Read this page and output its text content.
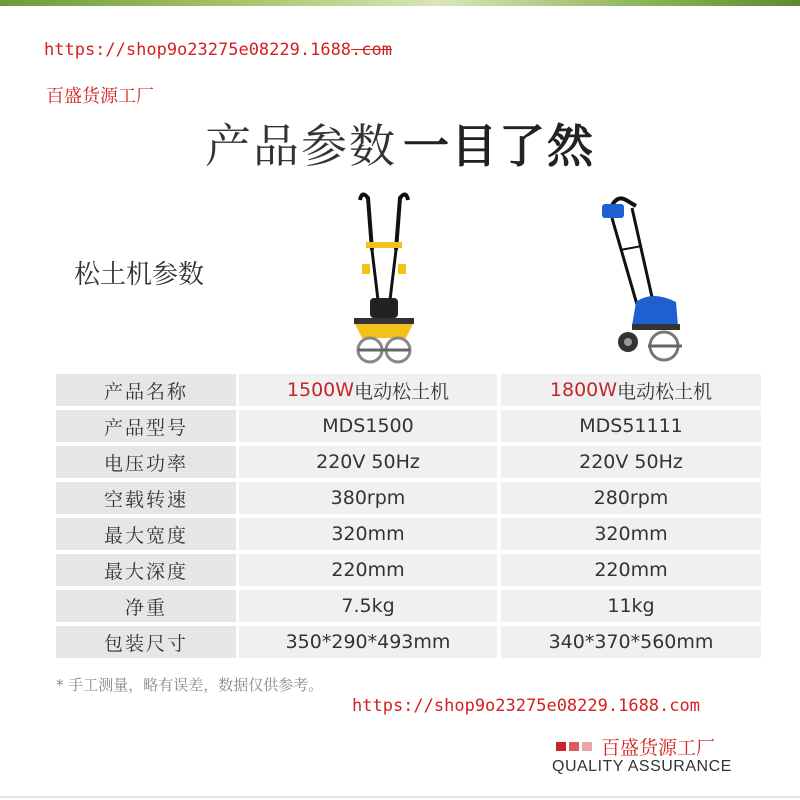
https://shop9o23275e08229.1688.com
百盛货源工厂
产品参数 一目了然
松土机参数
产品名称	1500W 电动松土机	1800W 电动松土机
产品型号	MDS1500	MDS51111
电压功率	220V 50Hz	220V 50Hz
空载转速	380rpm	280rpm
最大宽度	320mm	320mm
最大深度	220mm	220mm
净重	7.5kg	11kg
包装尺寸	350*290*493mm	340*370*560mm
* 手工测量，略有误差，数据仅供参考。
https://shop9o23275e08229.1688.com
百盛货源工厂
QUALITY ASSURANCE
